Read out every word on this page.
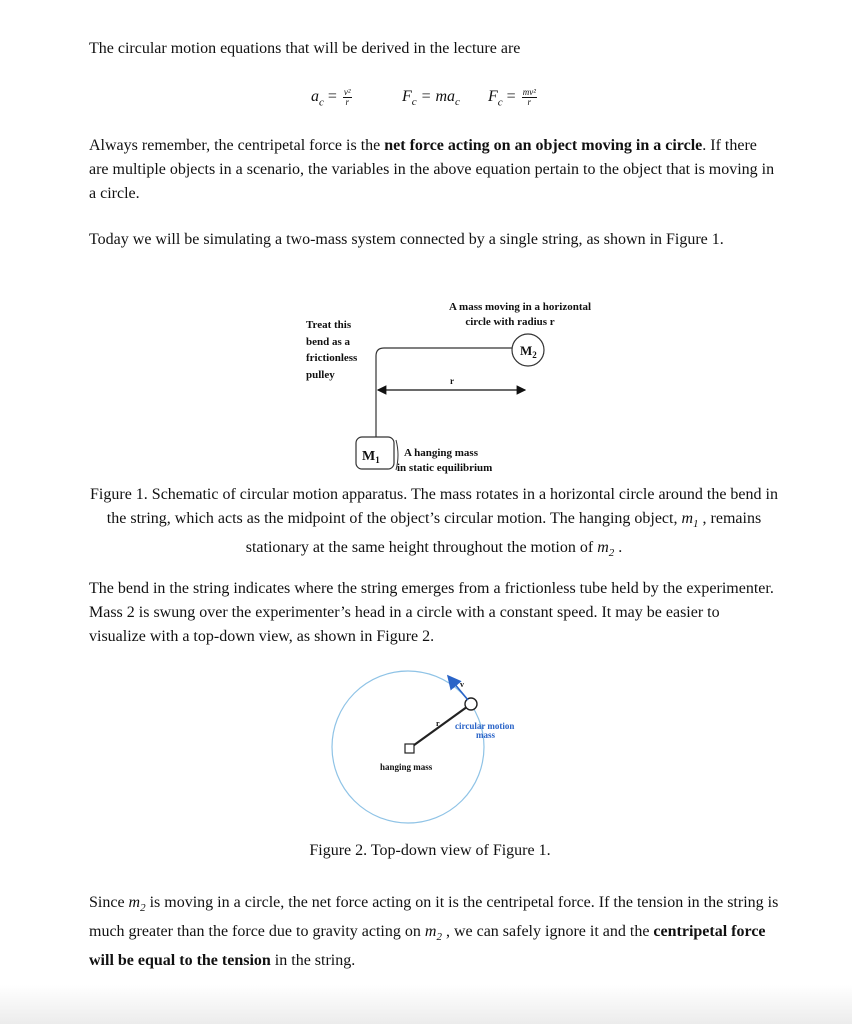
The circular motion equations that will be derived in the lecture are

$a_c = \frac{\text{v²}}{r}$	$F_c = ma_c$ $F_c = \frac{\text{mv²}}{r}$

Always remember, the centripetal force is the net force acting on an object moving in a circle. If there are multiple objects in a scenario, the variables in the above equation pertain to the object that is moving in a circle.

Today we will be simulating a two-mass system connected by a single string, as shown in Figure 1.

Treat this
bend as a
frictionless
pulley
A mass moving in a horizontal
circle with radius r
$M_2$
r
$M_1$
A hanging mass
in static equilibrium
v
r circular motion
mass
hanging mass

Figure 1. Schematic of circular motion apparatus. The mass rotates in a horizontal circle around the bend in the string, which acts as the midpoint of the object’s circular motion. The hanging object, $m_1$ , remains stationary at the same height throughout the motion of $m_2$ .

The bend in the string indicates where the string emerges from a frictionless tube held by the experimenter. Mass 2 is swung over the experimenter’s head in a circle with a constant speed. It may be easier to visualize with a top-down view, as shown in Figure 2.

Figure 2. Top-down view of Figure 1.

Since $m_2$ is moving in a circle, the net force acting on it is the centripetal force. If the tension in the string is much greater than the force due to gravity acting on $m_2$ , we can safely ignore it and the centripetal force will be equal to the tension in the string.
